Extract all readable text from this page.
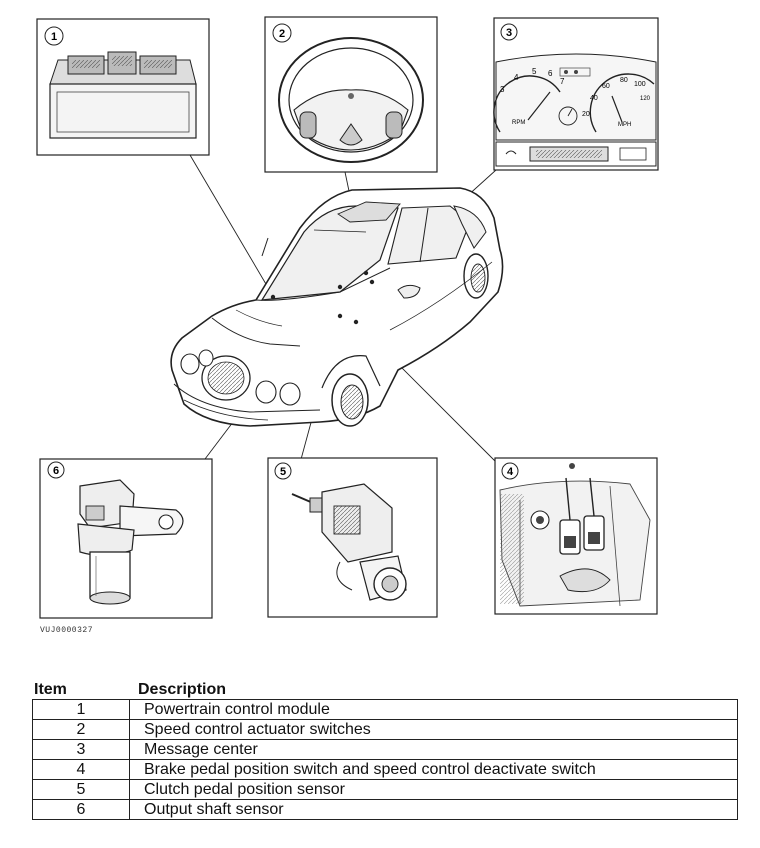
1	2	3
3
4
5 6
7
RPM
20
40
60
80
100
120
MPH
6	5	4
VUJ0000327
Item	Description
1	Powertrain control module
2	Speed control actuator switches
3	Message center
4	Brake pedal position switch and speed control deactivate switch
5	Clutch pedal position sensor
6	Output shaft sensor
